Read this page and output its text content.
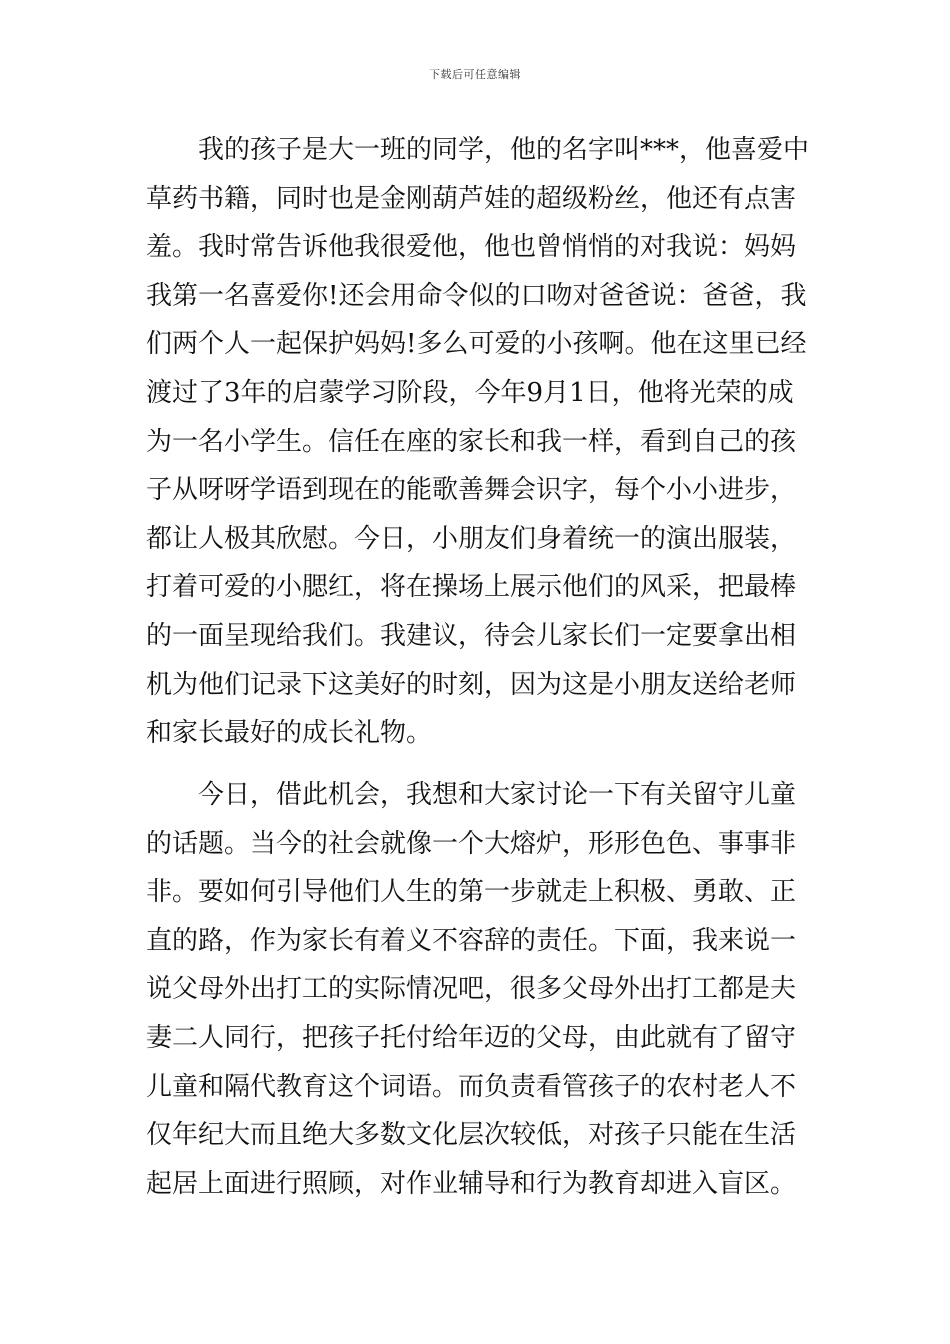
下载后可任意编辑
　　我的孩子是大一班的同学，他的名字叫***，他喜爱中
草药书籍，同时也是金刚葫芦娃的超级粉丝，他还有点害
羞。我时常告诉他我很爱他，他也曾悄悄的对我说：妈妈
我第一名喜爱你!还会用命令似的口吻对爸爸说：爸爸，我
们两个人一起保护妈妈!多么可爱的小孩啊。他在这里已经
渡过了3年的启蒙学习阶段，今年9月1日，他将光荣的成
为一名小学生。信任在座的家长和我一样，看到自己的孩
子从呀呀学语到现在的能歌善舞会识字，每个小小进步，
都让人极其欣慰。今日，小朋友们身着统一的演出服装，
打着可爱的小腮红，将在操场上展示他们的风采，把最棒
的一面呈现给我们。我建议，待会儿家长们一定要拿出相
机为他们记录下这美好的时刻，因为这是小朋友送给老师
和家长最好的成长礼物。
　　今日，借此机会，我想和大家讨论一下有关留守儿童
的话题。当今的社会就像一个大熔炉，形形色色、事事非
非。要如何引导他们人生的第一步就走上积极、勇敢、正
直的路，作为家长有着义不容辞的责任。下面，我来说一
说父母外出打工的实际情况吧，很多父母外出打工都是夫
妻二人同行，把孩子托付给年迈的父母，由此就有了留守
儿童和隔代教育这个词语。而负责看管孩子的农村老人不
仅年纪大而且绝大多数文化层次较低，对孩子只能在生活
起居上面进行照顾，对作业辅导和行为教育却进入盲区。
